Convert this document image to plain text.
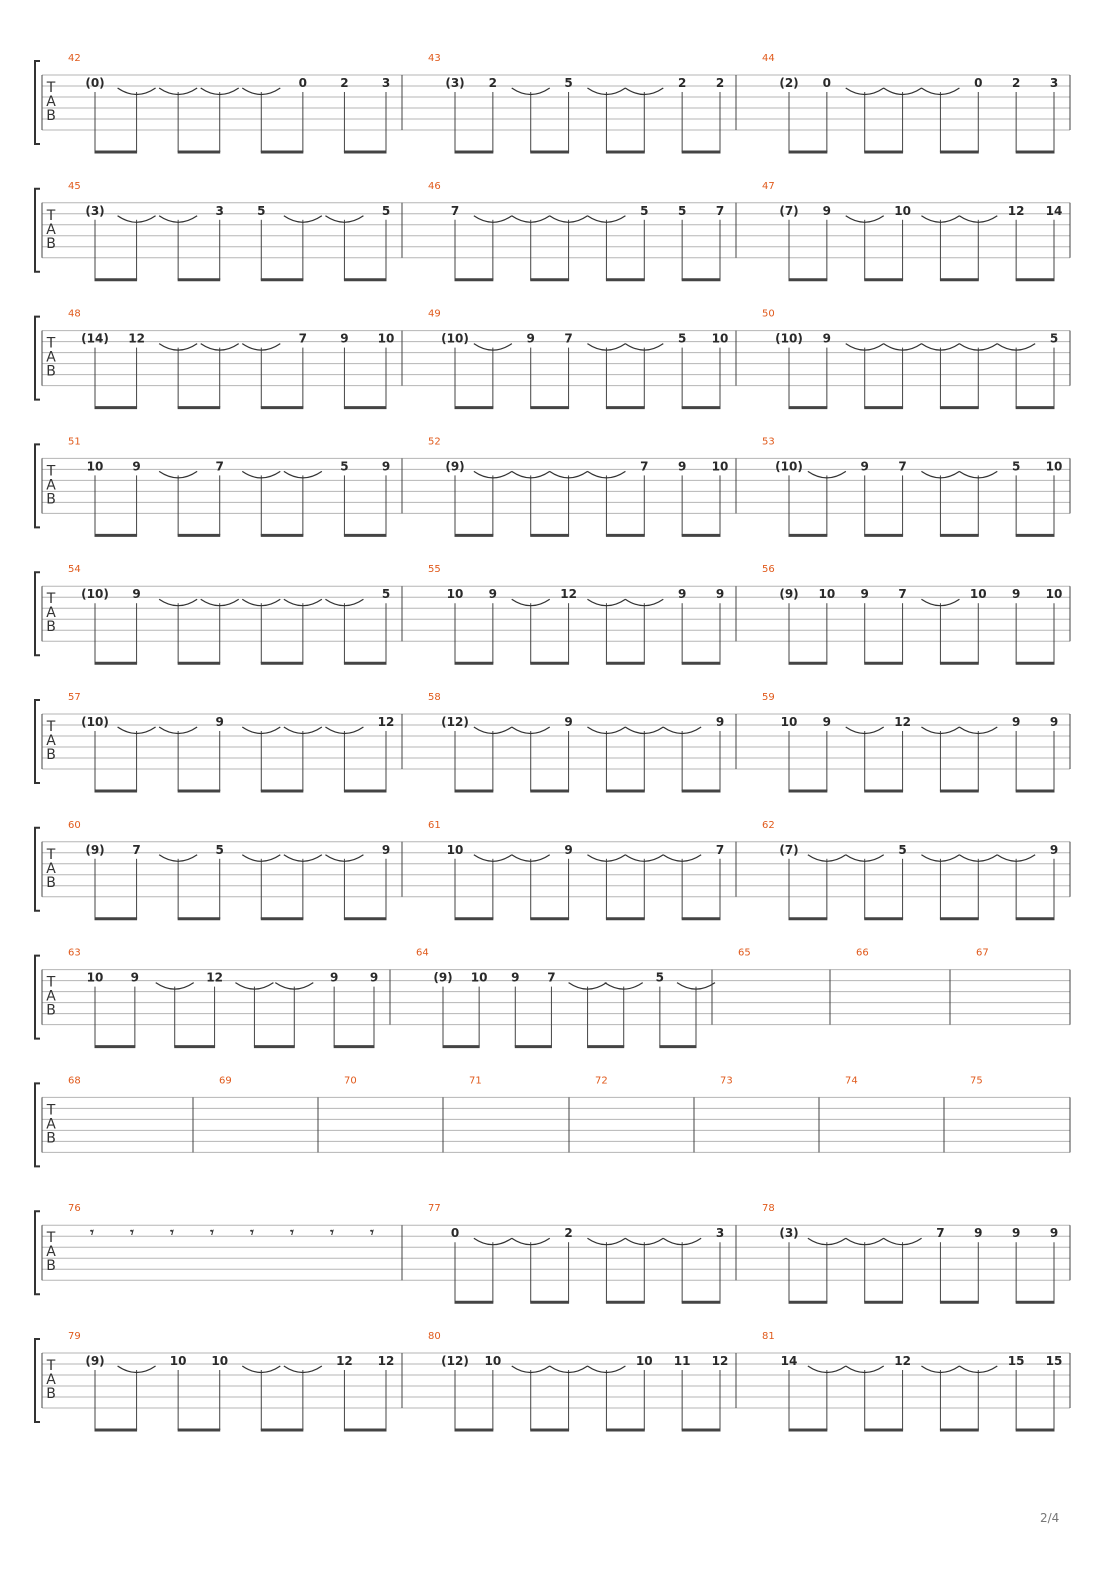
T
A
B
42
(0)	0	2	3
43
(3) 2	5	2 2
44
(2) 0	0 2 3
T
A
B
45
(3)	3	5	5
46
7	5 5 7
47
(7) 9	10	12 14
T
A
B
48
(14) 12	7	9 10
49
(10)	9 7	5 10
50
(10) 9	5
T
A
B
51
10 9	7	5	9
52
(9)	7 9 10
53
(10)	9 7	5 10
T
A
B
54
(10) 9	5
55
10 9	12	9 9
56
(9) 10 9 7	10 9 10
T
A
B
57
(10)	9	12
58
(12)	9	9
59
10 9	12	9 9
T
A
B
60
(9) 7	5	9
61
10	9	7
62
(7)	5	9
T
A
B
63
10 9	12	9	9
64
(9) 10 9 7	5
65	66	67
T
A
B
68	69	70	71	72	73	74	75
T
A
B
76
𝄾	𝄾	𝄾	𝄾	𝄾	𝄾	𝄾	𝄾
77
0	2	3
78
(3)	7 9 9 9
T
A
B
79
(9)	10 10	12 12
80
(12) 10	10 11 12
81
14	12	15 15
2/4
